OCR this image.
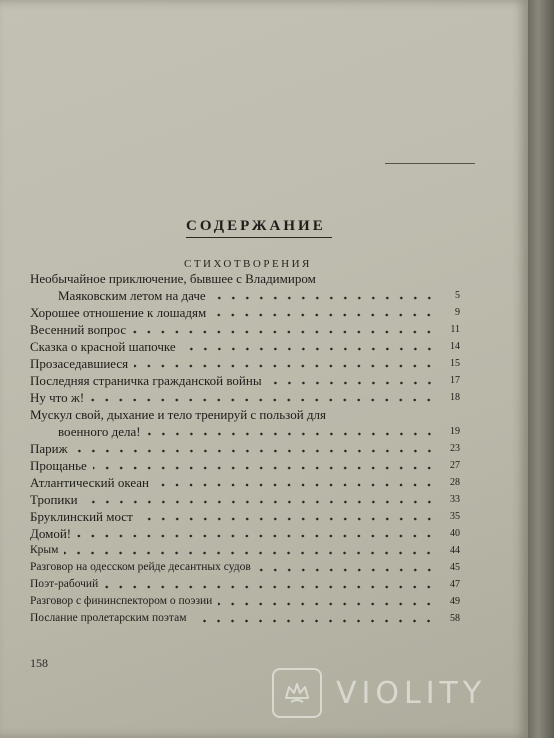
СОДЕРЖАНИЕ
СТИХОТВОРЕНИЯ
Необычайное приключение, бывшее с Владимиром
Маяковским летом на даче	5
Хорошее отношение к лошадям	9
Весенний вопрос	11
Сказка о красной шапочке	14
Прозаседавшиеся	15
Последняя страничка гражданской войны	17
Ну что ж!	18
Мускул свой, дыхание и тело тренируй с пользой для
военного дела!	19
Париж	23
Прощанье	27
Атлантический океан	28
Тропики	33
Бруклинский мост	35
Домой!	40
Крым	44
Разговор на одесском рейде десантных судов	45
Поэт-рабочий	47
Разговор с фининспектором о поэзии	49
Послание пролетарским поэтам	58
158
VIOLITY
